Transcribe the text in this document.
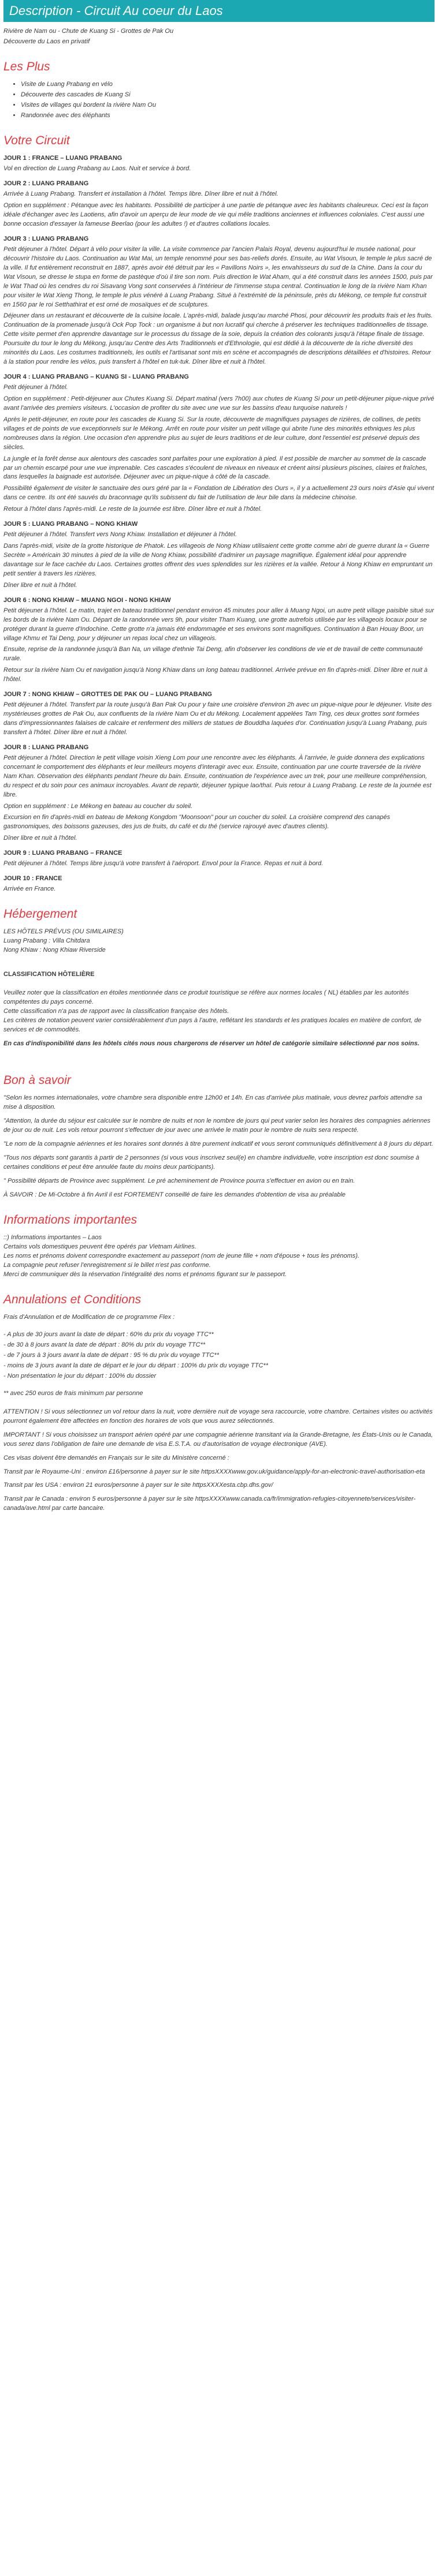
Description - Circuit Au coeur du Laos

Rivière de Nam ou - Chute de Kuang Si - Grottes de Pak Ou

Découverte du Laos en privatif

Les Plus
• Visite de Luang Prabang en vélo
• Découverte des cascades de Kuang Si
• Visites de villages qui bordent la rivière Nam Ou
• Randonnée avec des éléphants
Votre Circuit
JOUR 1 : FRANCE – LUANG PRABANG

Vol en direction de Luang Prabang au Laos. Nuit et service à bord.

JOUR 2 : LUANG PRABANG

Arrivée à Luang Prabang. Transfert et installation à l'hôtel. Temps libre. Dîner libre et nuit à l'hôtel.

Option en supplément : Pétanque avec les habitants. Possibilité de participer à une partie de pétanque avec les habitants chaleureux. Ceci est la façon idéale d'échanger avec les Laotiens, afin d'avoir un aperçu de leur mode de vie qui mêle traditions anciennes et influences coloniales. C'est aussi une bonne occasion d'essayer la fameuse Beerlao (pour les adultes !) et d'autres collations locales.

JOUR 3 : LUANG PRABANG

Petit déjeuner à l'hôtel. Départ à vélo pour visiter la ville. La visite commence par l'ancien Palais Royal, devenu aujourd'hui le musée national, pour découvrir l'histoire du Laos. Continuation au Wat Mai, un temple renommé pour ses bas-reliefs dorés. Ensuite, au Wat Visoun, le temple le plus sacré de la ville. Il fut entièrement reconstruit en 1887, après avoir été détruit par les « Pavillons Noirs », les envahisseurs du sud de la Chine. Dans la cour du Wat Visoun, se dresse le stupa en forme de pastèque d'où il tire son nom. Puis direction le Wat Aham, qui a été construit dans les années 1500, puis par le Wat Thad où les cendres du roi Sisavang Vong sont conservées à l'intérieur de l'immense stupa central. Continuation le long de la rivière Nam Khan pour visiter le Wat Xieng Thong, le temple le plus vénéré à Luang Prabang. Situé à l'extrémité de la péninsule, près du Mékong, ce temple fut construit en 1560 par le roi Setthathirat et est orné de mosaïques et de sculptures.

Déjeuner dans un restaurant et découverte de la cuisine locale. L'après-midi, balade jusqu'au marché Phosi, pour découvrir les produits frais et les fruits. Continuation de la promenade jusqu'à Ock Pop Tock : un organisme à but non lucratif qui cherche à préserver les techniques traditionnelles de tissage. Cette visite permet d'en apprendre davantage sur le processus du tissage de la soie, depuis la création des colorants jusqu'à l'étape finale de tissage. Poursuite du tour le long du Mékong, jusqu'au Centre des Arts Traditionnels et d'Ethnologie, qui est dédié à la découverte de la riche diversité des minorités du Laos. Les costumes traditionnels, les outils et l'artisanat sont mis en scène et accompagnés de descriptions détaillées et d'histoires. Retour à la station pour rendre les vélos, puis transfert à l'hôtel en tuk-tuk. Dîner libre et nuit à l'hôtel.

JOUR 4 : LUANG PRABANG – KUANG SI - LUANG PRABANG

Petit déjeuner à l'hôtel.

Option en supplément : Petit-déjeuner aux Chutes Kuang Si. Départ matinal (vers 7h00) aux chutes de Kuang Si pour un petit-déjeuner pique-nique privé avant l'arrivée des premiers visiteurs. L'occasion de profiter du site avec une vue sur les bassins d'eau turquoise naturels !

Après le petit-déjeuner, en route pour les cascades de Kuang Si. Sur la route, découverte de magnifiques paysages de rizières, de collines, de petits villages et de points de vue exceptionnels sur le Mékong. Arrêt en route pour visiter un petit village qui abrite l'une des minorités ethniques les plus nombreuses dans la région. Une occasion d'en apprendre plus au sujet de leurs traditions et de leur culture, dont l'essentiel est préservé depuis des siècles.

La jungle et la forêt dense aux alentours des cascades sont parfaites pour une exploration à pied. Il est possible de marcher au sommet de la cascade par un chemin escarpé pour une vue imprenable. Ces cascades s'écoulent de niveaux en niveaux et créent ainsi plusieurs piscines, claires et fraîches, dans lesquelles la baignade est autorisée. Déjeuner avec un pique-nique à côté de la cascade.

Possibilité également de visiter le sanctuaire des ours géré par la « Fondation de Libération des Ours », il y a actuellement 23 ours noirs d'Asie qui vivent dans ce centre. Ils ont été sauvés du braconnage qu'ils subissent du fait de l'utilisation de leur bile dans la médecine chinoise.

Retour à l'hôtel dans l'après-midi. Le reste de la journée est libre. Dîner libre et nuit à l'hôtel.

JOUR 5 : LUANG PRABANG – NONG KHIAW

Petit déjeuner à l'hôtel. Transfert vers Nong Khiaw. Installation et déjeuner à l'hôtel.

Dans l'après-midi, visite de la grotte historique de Phatok. Les villageois de Nong Khiaw utilisaient cette grotte comme abri de guerre durant la « Guerre Secrète » Américain 30 minutes à pied de la ville de Nong Khiaw, possibilité d'admirer un paysage magnifique. Également idéal pour apprendre davantage sur le face cachée du Laos. Certaines grottes offrent des vues splendides sur les rizières et la vallée. Retour à Nong Khiaw en empruntant un petit sentier à travers les rizières.

Dîner libre et nuit à l'hôtel.

JOUR 6 : NONG KHIAW – MUANG NGOI - NONG KHIAW

Petit déjeuner à l'hôtel. Le matin, trajet en bateau traditionnel pendant environ 45 minutes pour aller à Muang Ngoi, un autre petit village paisible situé sur les bords de la rivière Nam Ou. Départ de la randonnée vers 9h, pour visiter Tham Kuang, une grotte autrefois utilisée par les villageois locaux pour se protéger durant la guerre d'Indochine. Cette grotte n'a jamais été endommagée et ses environs sont magnifiques. Continuation à Ban Houay Boor, un village Khmu et Tai Deng, pour y déjeuner un repas local chez un villageois.

Ensuite, reprise de la randonnée jusqu'à Ban Na, un village d'ethnie Tai Deng, afin d'observer les conditions de vie et de travail de cette communauté rurale.

Retour sur la rivière Nam Ou et navigation jusqu'à Nong Khiaw dans un long bateau traditionnel. Arrivée prévue en fin d'après-midi. Dîner libre et nuit à l'hôtel.

JOUR 7 : NONG KHIAW – GROTTES DE PAK OU – LUANG PRABANG

Petit déjeuner à l'hôtel. Transfert par la route jusqu'à Ban Pak Ou pour y faire une croisière d'environ 2h avec un pique-nique pour le déjeuner. Visite des mystérieuses grottes de Pak Ou, aux confluents de la rivière Nam Ou et du Mékong. Localement appelées Tam Ting, ces deux grottes sont formées dans d'impressionnantes falaises de calcaire et renferment des milliers de statues de Bouddha laquées d'or. Continuation jusqu'à Luang Prabang, puis transfert à l'hôtel. Dîner libre et nuit à l'hôtel.

JOUR 8 : LUANG PRABANG

Petit déjeuner à l'hôtel. Direction le petit village voisin Xieng Lom pour une rencontre avec les éléphants. À l'arrivée, le guide donnera des explications concernant le comportement des éléphants et leur meilleurs moyens d'interagir avec eux. Ensuite, continuation par une courte traversée de la rivière Nam Khan. Observation des éléphants pendant l'heure du bain. Ensuite, continuation de l'expérience avec un trek, pour une meilleure compréhension, du respect et du soin pour ces animaux incroyables. Avant de repartir, déjeuner typique lao/thaï. Puis retour à Luang Prabang. Le reste de la journée est libre.

Option en supplément : Le Mékong en bateau au coucher du soleil.

Excursion en fin d'après-midi en bateau de Mekong Kongdom "Moonsoon" pour un coucher du soleil. La croisière comprend des canapés gastronomiques, des boissons gazeuses, des jus de fruits, du café et du thé (service rajrouyé avec d'autres clients).

Dîner libre et nuit à l'hôtel.

JOUR 9 : LUANG PRABANG – FRANCE

Petit déjeuner à l'hôtel. Temps libre jusqu'à votre transfert à l'aéroport. Envol pour la France. Repas et nuit à bord.

JOUR 10 : FRANCE

Arrivée en France.

Hébergement
LES HÔTELS PRÉVUS (OU SIMILAIRES)
Luang Prabang : Villa Chitdara
Nong Khiaw : Nong Khiaw Riverside
CLASSIFICATION HÔTELIÈRE

Veuillez noter que la classification en étoiles mentionnée dans ce produit touristique se réfère aux normes locales ( NL) établies par les autorités compétentes du pays concerné.

Cette classification n'a pas de rapport avec la classification française des hôtels.

Les critères de notation peuvent varier considérablement d'un pays à l'autre, reflétant les standards et les pratiques locales en matière de confort, de services et de commodités.

En cas d'indisponibilité dans les hôtels cités nous nous chargerons de réserver un hôtel de catégorie similaire sélectionné par nos soins.

Bon à savoir

"Selon les normes internationales, votre chambre sera disponible entre 12h00 et 14h. En cas d'arrivée plus matinale, vous devrez parfois attendre sa mise à disposition.

"Attention, la durée du séjour est calculée sur le nombre de nuits et non le nombre de jours qui peut varier selon les horaires des compagnies aériennes de jour ou de nuit. Les vols retour pourront s'effectuer de jour avec une arrivée le matin pour le nombre de nuits sera respecté.

"Le nom de la compagnie aériennes et les horaires sont donnés à titre purement indicatif et vous seront communiqués définitivement à 8 jours du départ.

"Tous nos départs sont garantis à partir de 2 personnes (si vous vous inscrivez seul(e) en chambre individuelle, votre inscription est donc soumise à certaines conditions et peut être annulée faute du moins deux participants).

" Possibilité départs de Province avec supplément. Le pré acheminement de Province pourra s'effectuer en avion ou en train.

À SAVOIR : De Mi-Octobre à fin Avril il est FORTEMENT conseillé de faire les demandes d'obtention de visa au préalable

Informations importantes

::) Informations importantes – Laos

Certains vols domestiques peuvent être opérés par Vietnam Airlines.

Les noms et prénoms doivent correspondre exactement au passeport (nom de jeune fille + nom d'épouse + tous les prénoms).

La compagnie peut refuser l'enregistrement si le billet n'est pas conforme.

Merci de communiquer dès la réservation l'intégralité des noms et prénoms figurant sur le passeport.

Annulations et Conditions

Frais d'Annulation et de Modification de ce programme Flex :

- A plus de 30 jours avant la date de départ : 60% du prix du voyage TTC**

- de 30 à 8 jours avant la date de départ : 80% du prix du voyage TTC**

- de 7 jours à 3 jours avant la date de départ : 95 % du prix du voyage TTC**

- moins de 3 jours avant la date de départ et le jour du départ : 100% du prix du voyage TTC**

- Non présentation le jour du départ : 100% du dossier

** avec 250 euros de frais minimum par personne

ATTENTION ! Si vous sélectionnez un vol retour dans la nuit, votre dernière nuit de voyage sera raccourcie, votre chambre. Certaines visites ou activités pourront également être affectées en fonction des horaires de vols que vous aurez sélectionnés.

IMPORTANT ! Si vous choisissez un transport aérien opéré par une compagnie aérienne transitant via la Grande-Bretagne, les États-Unis ou le Canada, vous serez dans l'obligation de faire une demande de visa E.S.T.A. ou d'autorisation de voyage électronique (AVE).

Ces visas doivent être demandés en Français sur le site du Ministère concerné :

Transit par le Royaume-Uni : environ £16/personne à payer sur le site httpsXXXXwww.gov.uk/guidance/apply-for-an-electronic-travel-authorisation-eta

Transit par les USA : environ 21 euros/personne à payer sur le site httpsXXXXesta.cbp.dhs.gov/

Transit par le Canada : environ 5 euros/personne à payer sur le site httpsXXXXwww.canada.ca/fr/immigration-refugies-citoyennete/services/visiter-canada/ave.html par carte bancaire.
